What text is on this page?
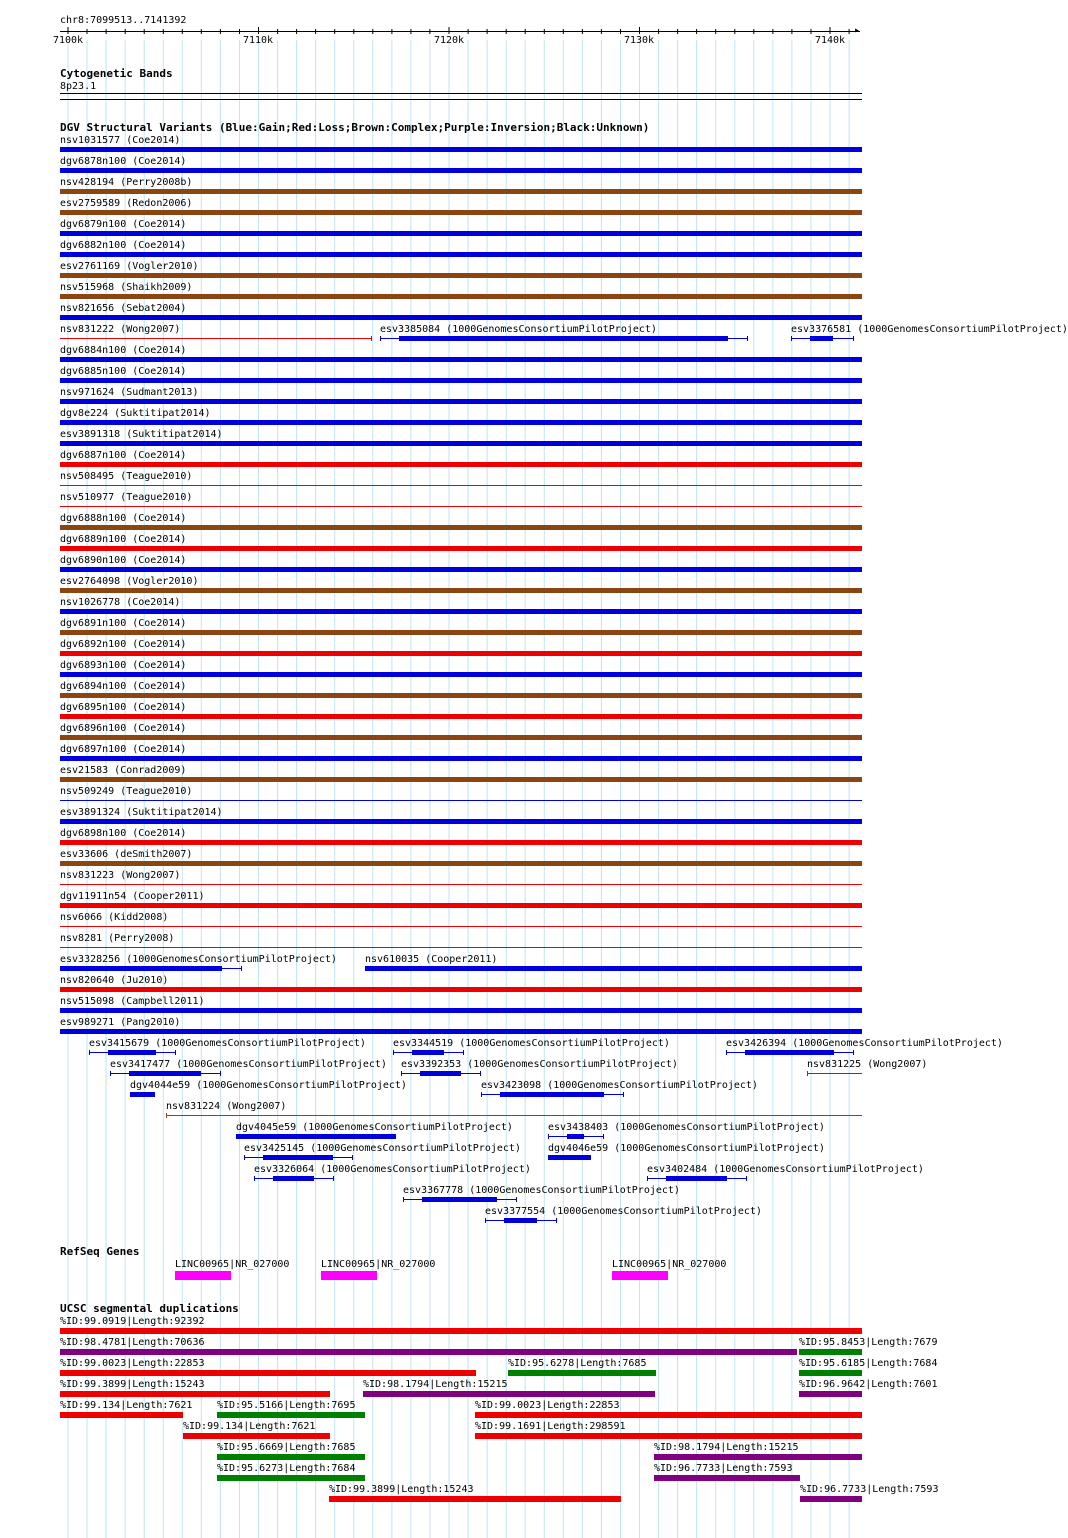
chr8:7099513..7141392
▸
7100k	7110k	7120k	7130k	7140k
Cytogenetic Bands
8p23.1
DGV Structural Variants (Blue:Gain;Red:Loss;Brown:Complex;Purple:Inversion;Black:Unknown)
RefSeq Genes
UCSC segmental duplications
nsv1031577 (Coe2014)
dgv6878n100 (Coe2014)
nsv428194 (Perry2008b)
esv2759589 (Redon2006)
dgv6879n100 (Coe2014)
dgv6882n100 (Coe2014)
esv2761169 (Vogler2010)
nsv515968 (Shaikh2009)
nsv821656 (Sebat2004)
nsv831222 (Wong2007)
dgv6884n100 (Coe2014)
dgv6885n100 (Coe2014)
nsv971624 (Sudmant2013)
dgv8e224 (Suktitipat2014)
esv3891318 (Suktitipat2014)
dgv6887n100 (Coe2014)
nsv508495 (Teague2010)
nsv510977 (Teague2010)
dgv6888n100 (Coe2014)
dgv6889n100 (Coe2014)
dgv6890n100 (Coe2014)
esv2764098 (Vogler2010)
nsv1026778 (Coe2014)
dgv6891n100 (Coe2014)
dgv6892n100 (Coe2014)
dgv6893n100 (Coe2014)
dgv6894n100 (Coe2014)
dgv6895n100 (Coe2014)
dgv6896n100 (Coe2014)
dgv6897n100 (Coe2014)
esv21583 (Conrad2009)
nsv509249 (Teague2010)
esv3891324 (Suktitipat2014)
dgv6898n100 (Coe2014)
esv33606 (deSmith2007)
nsv831223 (Wong2007)
dgv11911n54 (Cooper2011)
nsv6066 (Kidd2008)
nsv8281 (Perry2008)
esv3328256 (1000GenomesConsortiumPilotProject)
nsv820640 (Ju2010)
nsv515098 (Campbell2011)
esv989271 (Pang2010)
esv3385084 (1000GenomesConsortiumPilotProject)	esv3376581 (1000GenomesConsortiumPilotProject)
nsv610035 (Cooper2011)
esv3415679 (1000GenomesConsortiumPilotProject)	esv3344519 (1000GenomesConsortiumPilotProject)	esv3426394 (1000GenomesConsortiumPilotProject)
esv3417477 (1000GenomesConsortiumPilotProject) esv3392353 (1000GenomesConsortiumPilotProject)	nsv831225 (Wong2007)
dgv4044e59 (1000GenomesConsortiumPilotProject)	esv3423098 (1000GenomesConsortiumPilotProject)
nsv831224 (Wong2007)
dgv4045e59 (1000GenomesConsortiumPilotProject)	esv3438403 (1000GenomesConsortiumPilotProject)
esv3425145 (1000GenomesConsortiumPilotProject)	dgv4046e59 (1000GenomesConsortiumPilotProject)
esv3326064 (1000GenomesConsortiumPilotProject)	esv3402484 (1000GenomesConsortiumPilotProject)
esv3367778 (1000GenomesConsortiumPilotProject)
esv3377554 (1000GenomesConsortiumPilotProject)
LINC00965|NR_027000	LINC00965|NR_027000	LINC00965|NR_027000
%ID:99.0919|Length:92392
%ID:98.4781|Length:70636	%ID:95.8453|Length:7679
%ID:99.0023|Length:22853	%ID:95.6278|Length:7685	%ID:95.6185|Length:7684
%ID:99.3899|Length:15243	%ID:98.1794|Length:15215	%ID:96.9642|Length:7601
%ID:99.134|Length:7621 %ID:95.5166|Length:7695	%ID:99.0023|Length:22853
%ID:99.134|Length:7621	%ID:99.1691|Length:298591
%ID:95.6669|Length:7685	%ID:98.1794|Length:15215
%ID:95.6273|Length:7684	%ID:96.7733|Length:7593
%ID:99.3899|Length:15243	%ID:96.7733|Length:7593
